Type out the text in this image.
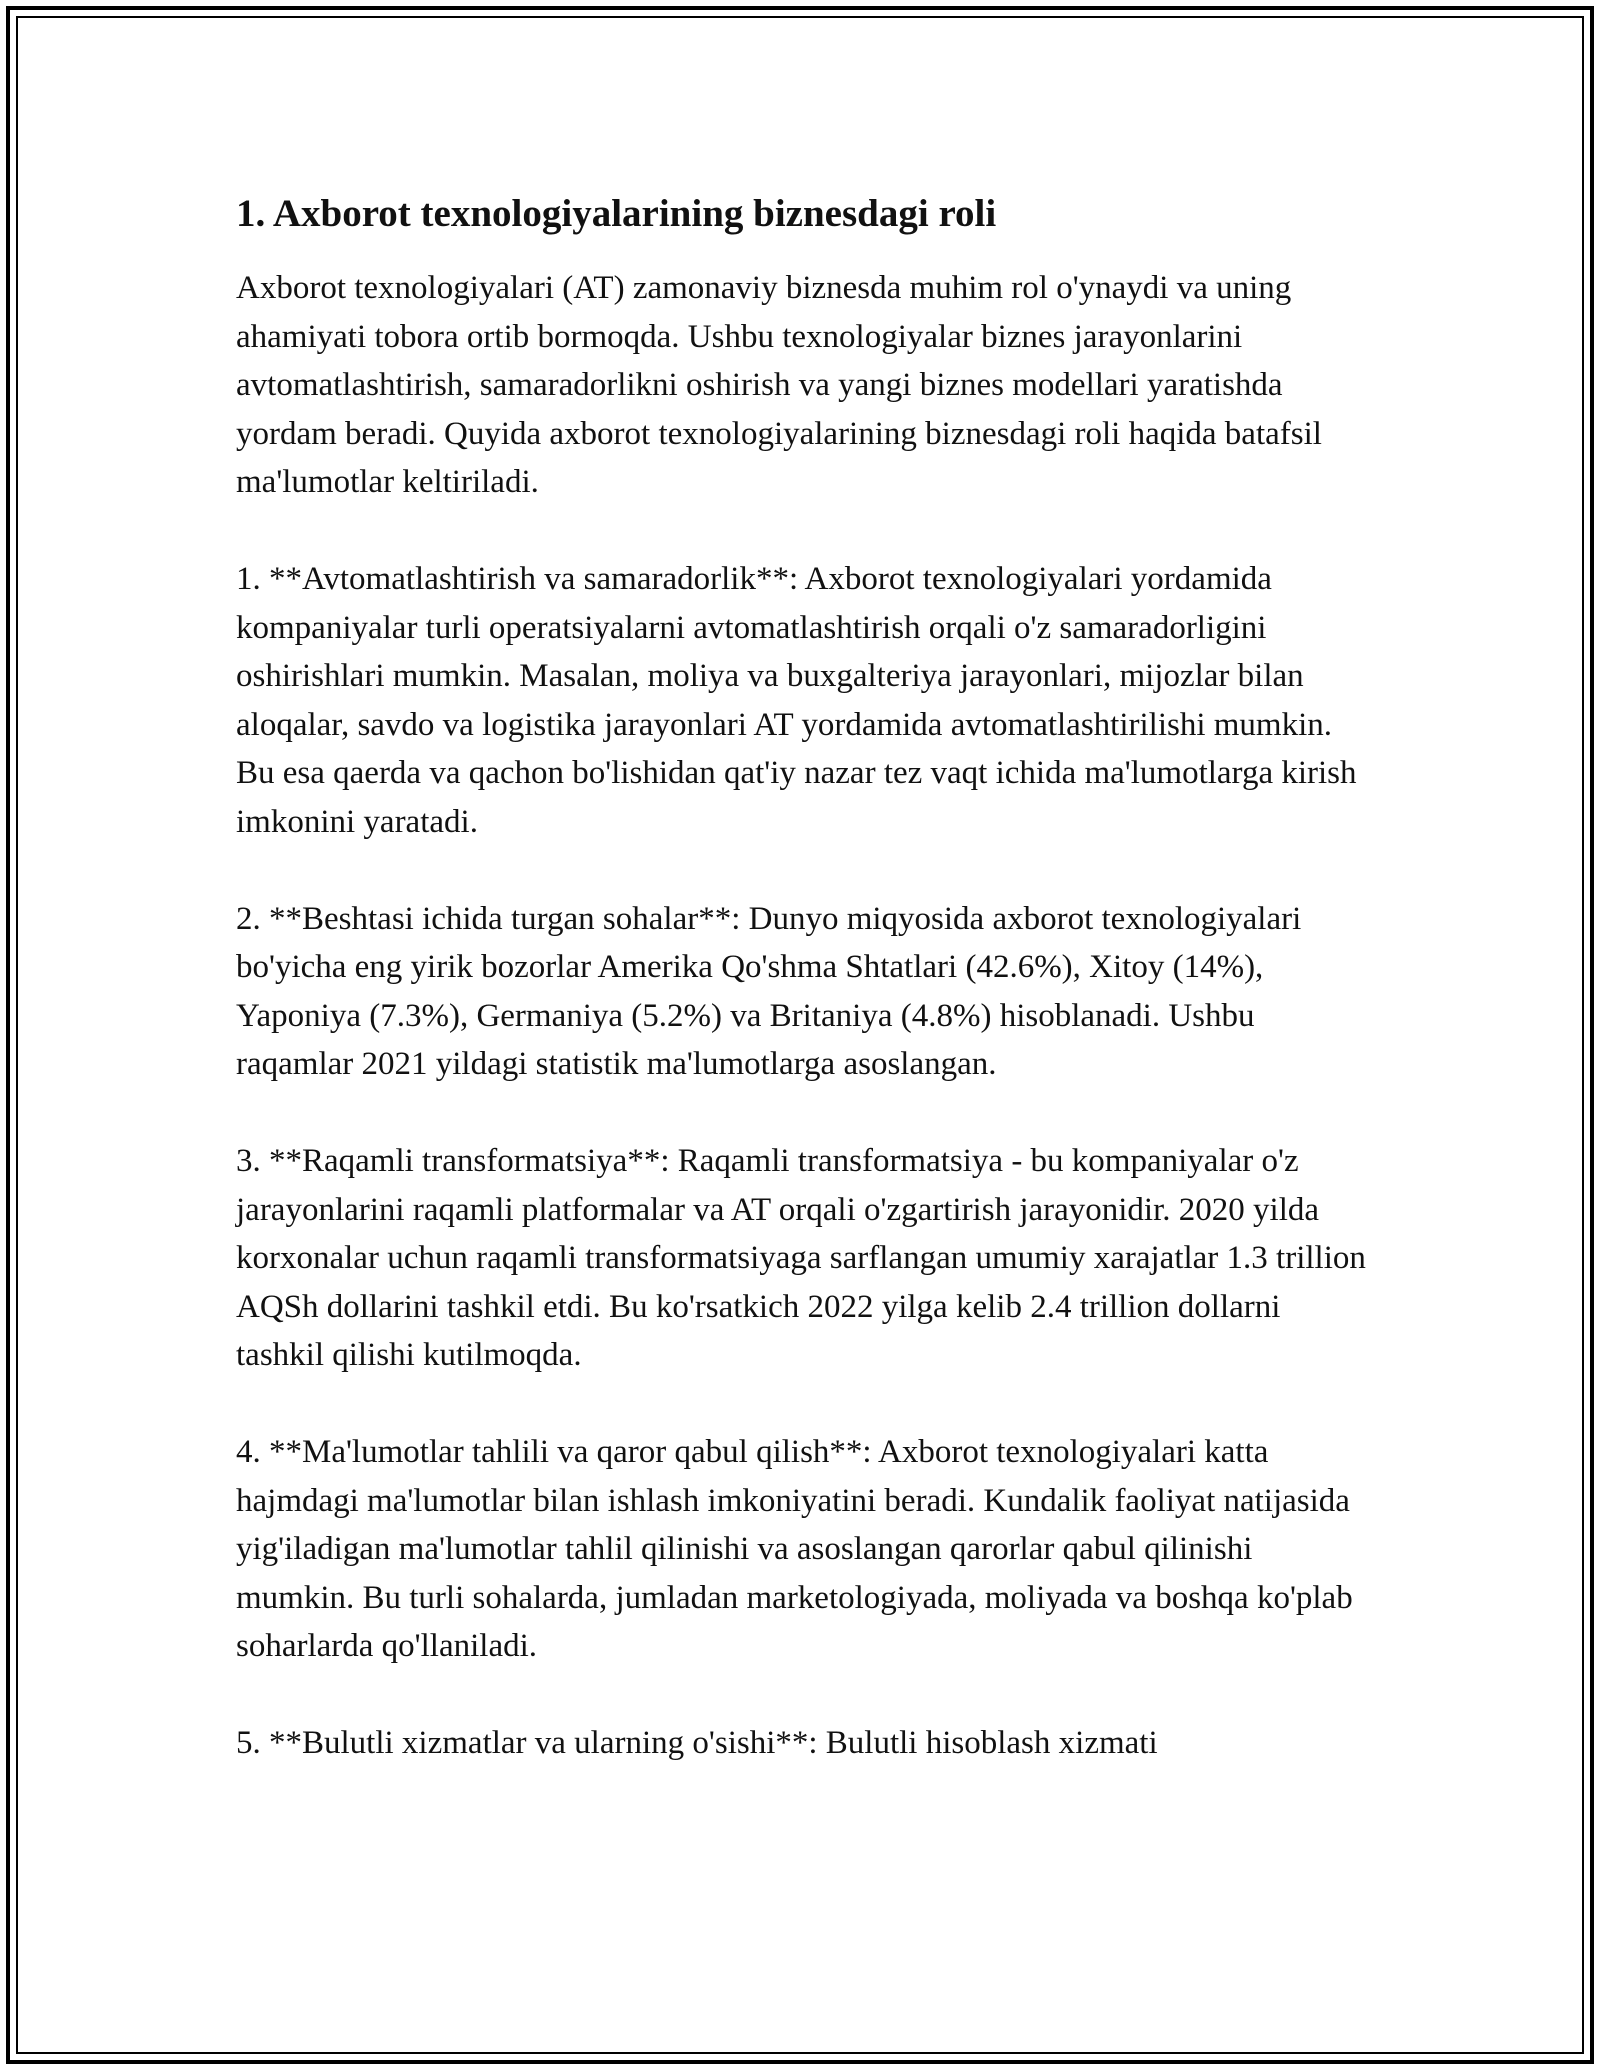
1. Axborot texnologiyalarining biznesdagi roli

Axborot texnologiyalari (AT) zamonaviy biznesda muhim rol o'ynaydi va uning ahamiyati tobora ortib bormoqda. Ushbu texnologiyalar biznes jarayonlarini avtomatlashtirish, samaradorlikni oshirish va yangi biznes modellari yaratishda yordam beradi. Quyida axborot texnologiyalarining biznesdagi roli haqida batafsil ma'lumotlar keltiriladi.

1. **Avtomatlashtirish va samaradorlik**: Axborot texnologiyalari yordamida kompaniyalar turli operatsiyalarni avtomatlashtirish orqali o'z samaradorligini oshirishlari mumkin. Masalan, moliya va buxgalteriya jarayonlari, mijozlar bilan aloqalar, savdo va logistika jarayonlari AT yordamida avtomatlashtirilishi mumkin. Bu esa qaerda va qachon bo'lishidan qat'iy nazar tez vaqt ichida ma'lumotlarga kirish imkonini yaratadi.

2. **Beshtasi ichida turgan sohalar**: Dunyo miqyosida axborot texnologiyalari bo'yicha eng yirik bozorlar Amerika Qo'shma Shtatlari (42.6%), Xitoy (14%), Yaponiya (7.3%), Germaniya (5.2%) va Britaniya (4.8%) hisoblanadi. Ushbu raqamlar 2021 yildagi statistik ma'lumotlarga asoslangan.

3. **Raqamli transformatsiya**: Raqamli transformatsiya - bu kompaniyalar o'z jarayonlarini raqamli platformalar va AT orqali o'zgartirish jarayonidir. 2020 yilda korxonalar uchun raqamli transformatsiyaga sarflangan umumiy xarajatlar 1.3 trillion AQSh dollarini tashkil etdi. Bu ko'rsatkich 2022 yilga kelib 2.4 trillion dollarni tashkil qilishi kutilmoqda.

4. **Ma'lumotlar tahlili va qaror qabul qilish**: Axborot texnologiyalari katta hajmdagi ma'lumotlar bilan ishlash imkoniyatini beradi. Kundalik faoliyat natijasida yig'iladigan ma'lumotlar tahlil qilinishi va asoslangan qarorlar qabul qilinishi mumkin. Bu turli sohalarda, jumladan marketologiyada, moliyada va boshqa ko'plab soharlarda qo'llaniladi.

5. **Bulutli xizmatlar va ularning o'sishi**: Bulutli hisoblash xizmati
